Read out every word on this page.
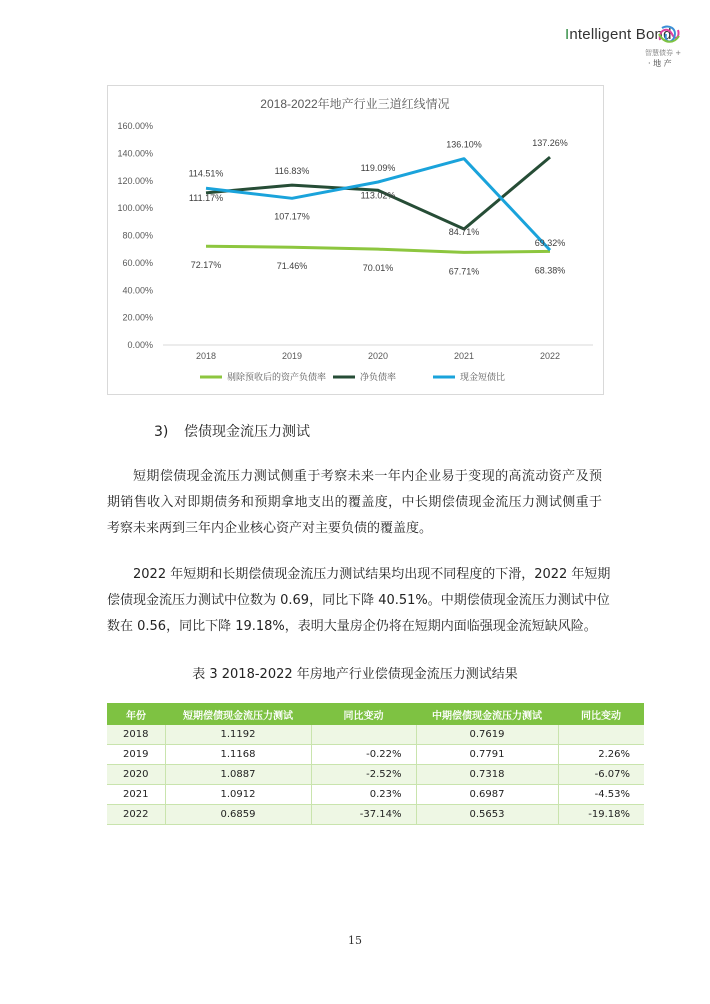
Intelligent Bond
智慧债券 +
· 地 产
2018-2022年地产行业三道红线情况
0.00%
20.00%
40.00%
60.00%
80.00%
100.00%
120.00%
140.00%
160.00%
2018	2019	2020	2021	2022
72.17%	71.46%	70.01%	67.71%	68.38%
111.17%
116.83%
113.02%
84.71%
137.26%
114.51%
107.17%
119.09%
136.10%
69.32%
剔除预收后的资产负债率	净负债率	现金短债比
3) 偿债现金流压力测试
短期偿债现金流压力测试侧重于考察未来一年内企业易于变现的高流动资产及预
期销售收入对即期债务和预期拿地支出的覆盖度，中长期偿债现金流压力测试侧重于
考察未来两到三年内企业核心资产对主要负债的覆盖度。
2022 年短期和长期偿债现金流压力测试结果均出现不同程度的下滑，2022 年短期
偿债现金流压力测试中位数为 0.69，同比下降 40.51%。中期偿债现金流压力测试中位
数在 0.56，同比下降 19.18%，表明大量房企仍将在短期内面临强现金流短缺风险。
表 3 2018-2022 年房地产行业偿债现金流压力测试结果
年份	短期偿债现金流压力测试	同比变动	中期偿债现金流压力测试	同比变动
2018	1.1192		0.7619	
2019	1.1168	-0.22%	0.7791	2.26%
2020	1.0887	-2.52%	0.7318	-6.07%
2021	1.0912	0.23%	0.6987	-4.53%
2022	0.6859	-37.14%	0.5653	-19.18%
15
